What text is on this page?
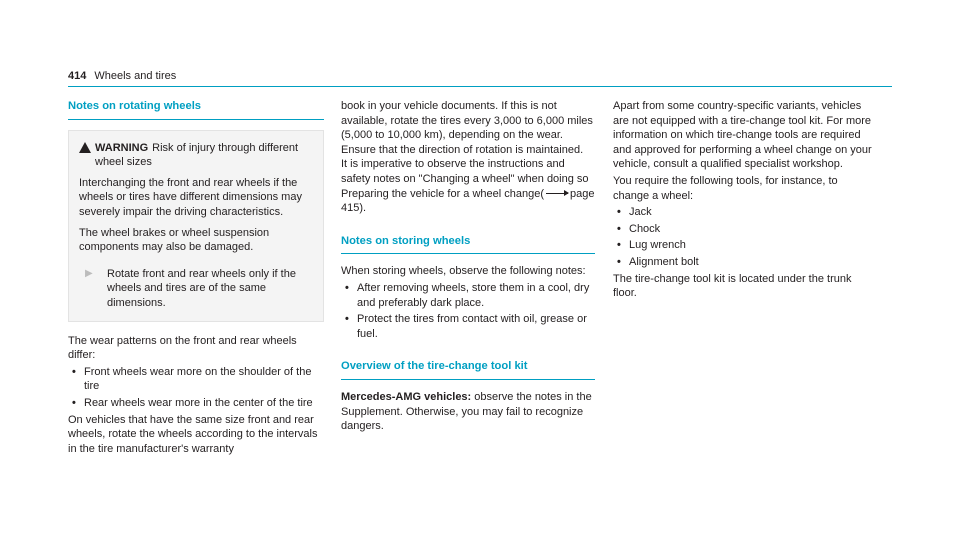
414 Wheels and tires
Notes on rotating wheels
WARNING Risk of injury through different wheel sizes

Interchanging the front and rear wheels if the wheels or tires have different dimensions may severely impair the driving characteristics.

The wheel brakes or wheel suspension components may also be damaged.

▶	Rotate front and rear wheels only if the wheels and tires are of the same dimensions.

The wear patterns on the front and rear wheels differ:

• Front wheels wear more on the shoulder of the tire
• Rear wheels wear more in the center of the tire

On vehicles that have the same size front and rear wheels, rotate the wheels according to the intervals in the tire manufacturer's warranty

book in your vehicle documents. If this is not available, rotate the tires every 3,000 to 6,000 miles (5,000 to 10,000 km), depending on the wear. Ensure that the direction of rotation is maintained.

It is imperative to observe the instructions and safety notes on "Changing a wheel" when doing so Preparing the vehicle for a wheel change( page 415).

Notes on storing wheels

When storing wheels, observe the following notes:

• After removing wheels, store them in a cool, dry and preferably dark place.
• Protect the tires from contact with oil, grease or fuel.
Overview of the tire-change tool kit

Mercedes-AMG vehicles: observe the notes in the Supplement. Otherwise, you may fail to recognize dangers.

Apart from some country-specific variants, vehicles are not equipped with a tire-change tool kit. For more information on which tire-change tools are required and approved for performing a wheel change on your vehicle, consult a qualified specialist workshop.

You require the following tools, for instance, to change a wheel:

• Jack
• Chock
• Lug wrench
• Alignment bolt

The tire-change tool kit is located under the trunk floor.
